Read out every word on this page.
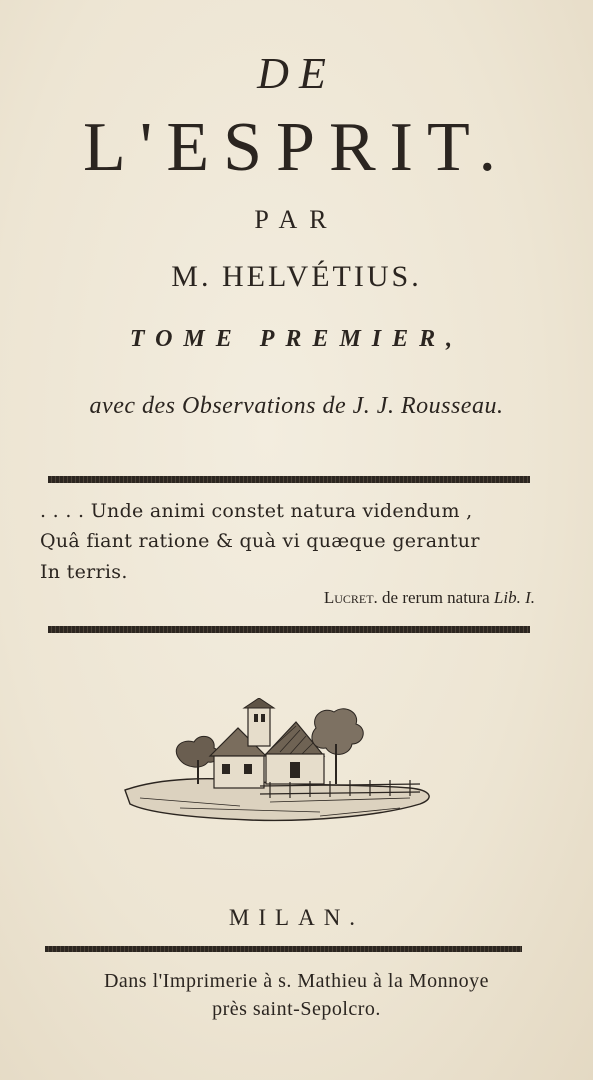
DE
L'ESPRIT.
PAR
M. HELVÉTIUS.
TOME PREMIER,
avec des Observations de J. J. Rousseau.
. . . . Unde animi constet natura videndum ,
Quâ fiant ratione & quà vi quæque gerantur
In terris.
Lucret. de rerum natura Lib. I.
MILAN.
Dans l'Imprimerie à s. Mathieu à la Monnoye
près saint-Sepolcro.
